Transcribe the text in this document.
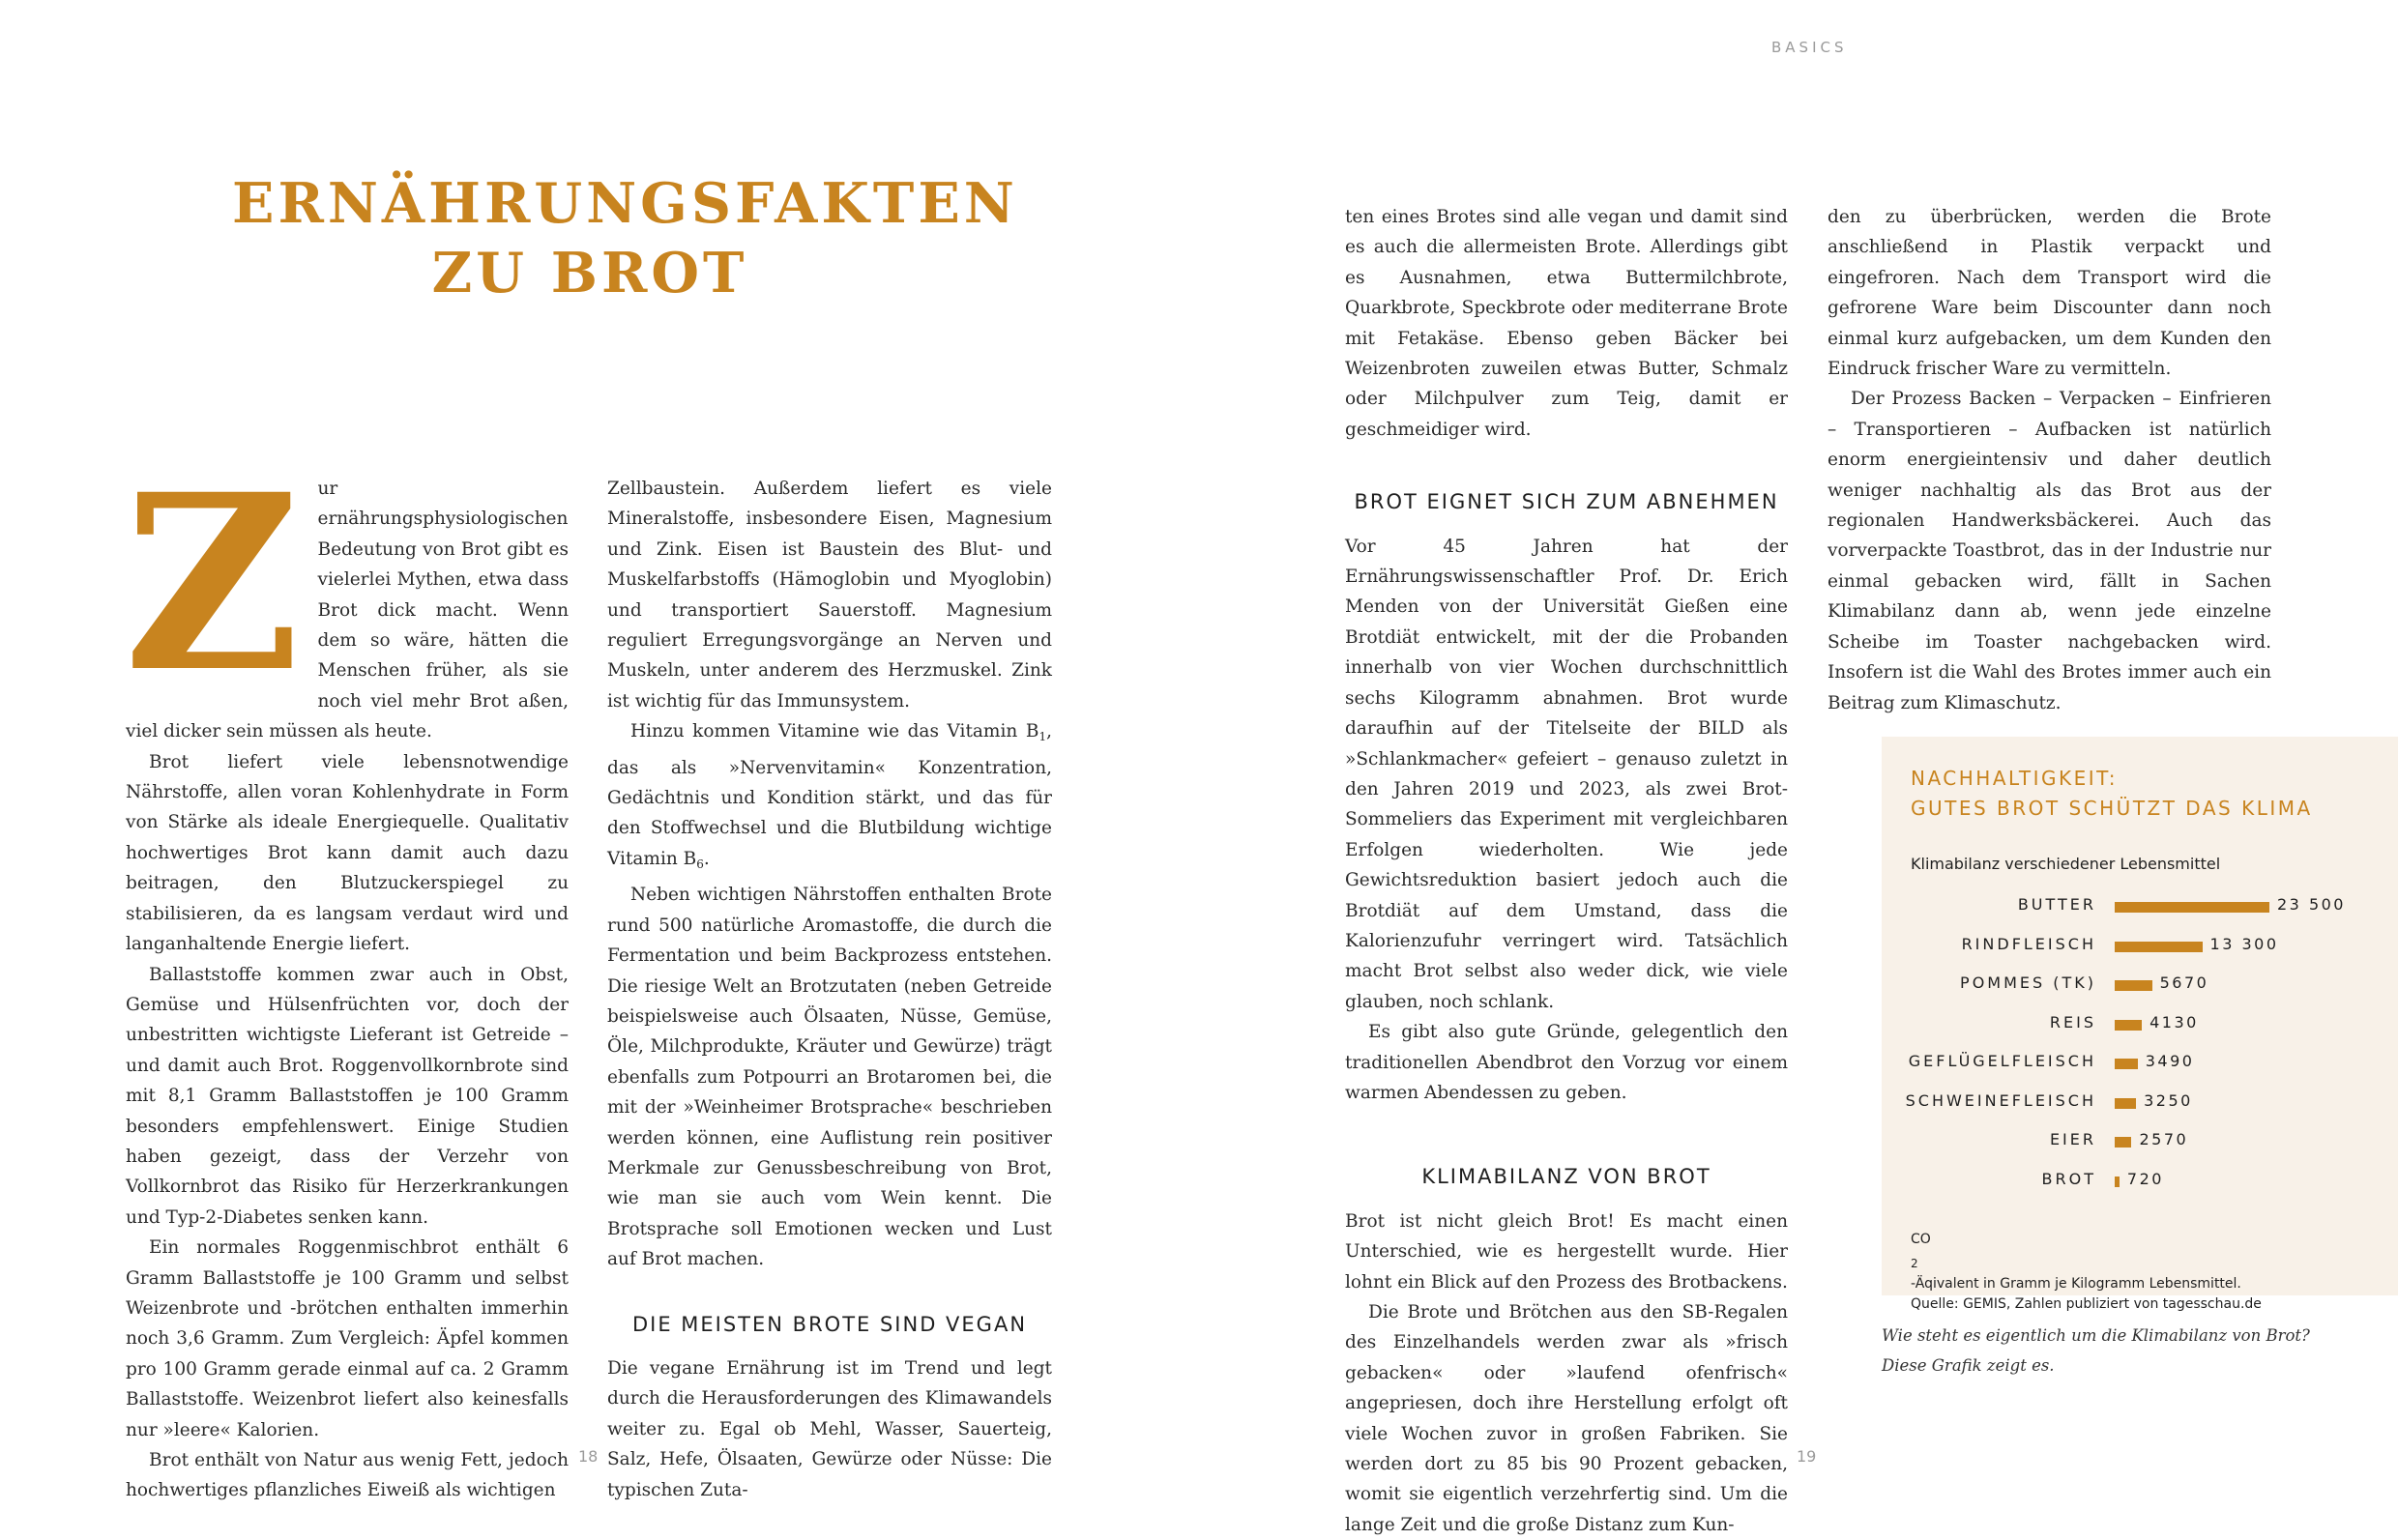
BASICS
ERNÄHRUNGSFAKTEN
ZU BROT
Z ur ernährungsphysiologischen Bedeutung von Brot gibt es vielerlei Mythen, etwa dass Brot dick macht. Wenn dem so wäre, hätten die Menschen früher, als sie noch viel mehr Brot aßen, viel dicker sein müssen als heute.

Brot liefert viele lebensnotwendige Nährstoffe, allen voran Kohlenhydrate in Form von Stärke als ideale Energiequelle. Qualitativ hochwertiges Brot kann damit auch dazu beitragen, den Blutzuckerspiegel zu stabilisieren, da es langsam verdaut wird und langanhaltende Energie liefert.

Ballaststoffe kommen zwar auch in Obst, Gemüse und Hülsenfrüchten vor, doch der unbestritten wichtigste Lieferant ist Getreide – und damit auch Brot. Roggenvollkornbrote sind mit 8,1 Gramm Ballaststoffen je 100 Gramm besonders empfehlenswert. Einige Studien haben gezeigt, dass der Verzehr von Vollkornbrot das Risiko für Herzerkrankungen und Typ-2-Diabetes senken kann.

Ein normales Roggenmischbrot enthält 6 Gramm Ballaststoffe je 100 Gramm und selbst Weizenbrote und -brötchen enthalten immerhin noch 3,6 Gramm. Zum Vergleich: Äpfel kommen pro 100 Gramm gerade einmal auf ca. 2 Gramm Ballaststoffe. Weizenbrot liefert also keinesfalls nur »leere« Kalorien.

Brot enthält von Natur aus wenig Fett, jedoch hochwertiges pflanzliches Eiweiß als wichtigen

Zellbaustein. Außerdem liefert es viele Mineralstoffe, insbesondere Eisen, Magnesium und Zink. Eisen ist Baustein des Blut- und Muskelfarbstoffs (Hämoglobin und Myoglobin) und transportiert Sauerstoff. Magnesium reguliert Erregungsvorgänge an Nerven und Muskeln, unter anderem des Herzmuskel. Zink ist wichtig für das Immunsystem.

Hinzu kommen Vitamine wie das Vitamin $B_1$, das als »Nervenvitamin« Konzentration, Gedächtnis und Kondition stärkt, und das für den Stoffwechsel und die Blutbildung wichtige Vitamin $B_6$.

Neben wichtigen Nährstoffen enthalten Brote rund 500 natürliche Aromastoffe, die durch die Fermentation und beim Backprozess entstehen. Die riesige Welt an Brotzutaten (neben Getreide beispielsweise auch Ölsaaten, Nüsse, Gemüse, Öle, Milchprodukte, Kräuter und Gewürze) trägt ebenfalls zum Potpourri an Brotaromen bei, die mit der »Weinheimer Brotsprache« beschrieben werden können, eine Auflistung rein positiver Merkmale zur Genussbeschreibung von Brot, wie man sie auch vom Wein kennt. Die Brotsprache soll Emotionen wecken und Lust auf Brot machen.

DIE MEISTEN BROTE SIND VEGAN

Die vegane Ernährung ist im Trend und legt durch die Herausforderungen des Klimawandels weiter zu. Egal ob Mehl, Wasser, Sauerteig, Salz, Hefe, Ölsaaten, Gewürze oder Nüsse: Die typischen Zuta-

ten eines Brotes sind alle vegan und damit sind es auch die allermeisten Brote. Allerdings gibt es Ausnahmen, etwa Buttermilchbrote, Quarkbrote, Speckbrote oder mediterrane Brote mit Fetakäse. Ebenso geben Bäcker bei Weizenbroten zuweilen etwas Butter, Schmalz oder Milchpulver zum Teig, damit er geschmeidiger wird.

BROT EIGNET SICH ZUM ABNEHMEN

Vor 45 Jahren hat der Ernährungswissenschaftler Prof. Dr. Erich Menden von der Universität Gießen eine Brotdiät entwickelt, mit der die Probanden innerhalb von vier Wochen durchschnittlich sechs Kilogramm abnahmen. Brot wurde daraufhin auf der Titelseite der BILD als »Schlankmacher« gefeiert – genauso zuletzt in den Jahren 2019 und 2023, als zwei Brot-Sommeliers das Experiment mit vergleichbaren Erfolgen wiederholten. Wie jede Gewichtsreduktion basiert jedoch auch die Brotdiät auf dem Umstand, dass die Kalorienzufuhr verringert wird. Tatsächlich macht Brot selbst also weder dick, wie viele glauben, noch schlank.

Es gibt also gute Gründe, gelegentlich den traditionellen Abendbrot den Vorzug vor einem warmen Abendessen zu geben.

KLIMABILANZ VON BROT

Brot ist nicht gleich Brot! Es macht einen Unterschied, wie es hergestellt wurde. Hier lohnt ein Blick auf den Prozess des Brotbackens.

Die Brote und Brötchen aus den SB-Regalen des Einzelhandels werden zwar als »frisch gebacken« oder »laufend ofenfrisch« angepriesen, doch ihre Herstellung erfolgt oft viele Wochen zuvor in großen Fabriken. Sie werden dort zu 85 bis 90 Prozent gebacken, womit sie eigentlich verzehrfertig sind. Um die lange Zeit und die große Distanz zum Kun-

den zu überbrücken, werden die Brote anschließend in Plastik verpackt und eingefroren. Nach dem Transport wird die gefrorene Ware beim Discounter dann noch einmal kurz aufgebacken, um dem Kunden den Eindruck frischer Ware zu vermitteln.

Der Prozess Backen – Verpacken – Einfrieren – Transportieren – Aufbacken ist natürlich enorm energieintensiv und daher deutlich weniger nachhaltig als das Brot aus der regionalen Handwerksbäckerei. Auch das vorverpackte Toastbrot, das in der Industrie nur einmal gebacken wird, fällt in Sachen Klimabilanz dann ab, wenn jede einzelne Scheibe im Toaster nachgebacken wird. Insofern ist die Wahl des Brotes immer auch ein Beitrag zum Klimaschutz.

NACHHALTIGKEIT:
GUTES BROT SCHÜTZT DAS KLIMA
Klimabilanz verschiedener Lebensmittel
BUTTER	23 500
RINDFLEISCH	13 300
POMMES (TK)	5670
REIS	4130
GEFLÜGELFLEISCH	3490
SCHWEINEFLEISCH	3250
EIER	2570
BROT 720
CO
$_2$
-Äqivalent in Gramm je Kilogramm Lebensmittel.
Quelle: GEMIS, Zahlen publiziert von tagesschau.de

Wie steht es eigentlich um die Klimabilanz von Brot? Diese Grafik zeigt es.

18	19
